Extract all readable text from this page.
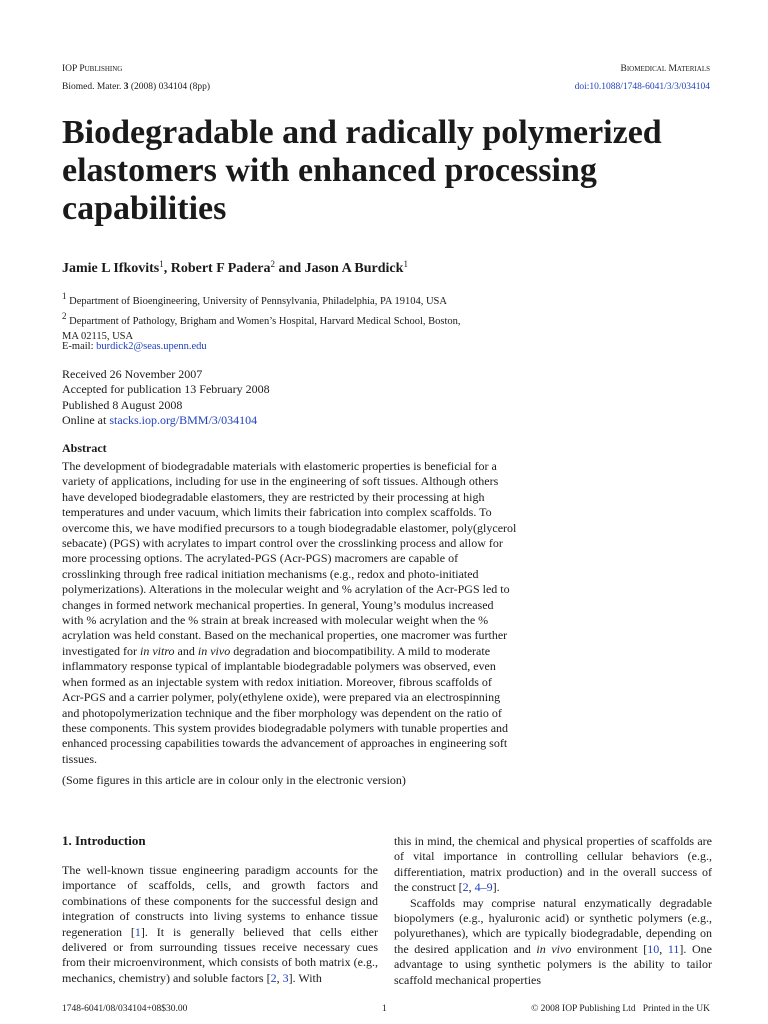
IOP Publishing	Biomedical Materials
Biomed. Mater. 3 (2008) 034104 (8pp)	doi:10.1088/1748-6041/3/3/034104
Biodegradable and radically polymerized elastomers with enhanced processing capabilities
Jamie L Ifkovits$^1$, Robert F Padera$^2$ and Jason A Burdick$^1$
$^1$ Department of Bioengineering, University of Pennsylvania, Philadelphia, PA 19104, USA
$^2$ Department of Pathology, Brigham and Women’s Hospital, Harvard Medical School, Boston,
MA 02115, USA
E-mail: burdick2@seas.upenn.edu
Received 26 November 2007
Accepted for publication 13 February 2008
Published 8 August 2008
Online at stacks.iop.org/BMM/3/034104
Abstract
The development of biodegradable materials with elastomeric properties is beneficial for a
variety of applications, including for use in the engineering of soft tissues. Although others
have developed biodegradable elastomers, they are restricted by their processing at high
temperatures and under vacuum, which limits their fabrication into complex scaffolds. To
overcome this, we have modified precursors to a tough biodegradable elastomer, poly(glycerol
sebacate) (PGS) with acrylates to impart control over the crosslinking process and allow for
more processing options. The acrylated-PGS (Acr-PGS) macromers are capable of
crosslinking through free radical initiation mechanisms (e.g., redox and photo-initiated
polymerizations). Alterations in the molecular weight and % acrylation of the Acr-PGS led to
changes in formed network mechanical properties. In general, Young’s modulus increased
with % acrylation and the % strain at break increased with molecular weight when the %
acrylation was held constant. Based on the mechanical properties, one macromer was further
investigated for in vitro and in vivo degradation and biocompatibility. A mild to moderate
inflammatory response typical of implantable biodegradable polymers was observed, even
when formed as an injectable system with redox initiation. Moreover, fibrous scaffolds of
Acr-PGS and a carrier polymer, poly(ethylene oxide), were prepared via an electrospinning
and photopolymerization technique and the fiber morphology was dependent on the ratio of
these components. This system provides biodegradable polymers with tunable properties and
enhanced processing capabilities towards the advancement of approaches in engineering soft
tissues.
(Some figures in this article are in colour only in the electronic version)
1. Introduction

The well-known tissue engineering paradigm accounts for the importance of scaffolds, cells, and growth factors and combinations of these components for the successful design and integration of constructs into living systems to enhance tissue regeneration [1]. It is generally believed that cells either delivered or from surrounding tissues receive necessary cues from their microenvironment, which consists of both matrix (e.g., mechanics, chemistry) and soluble factors [2, 3]. With

this in mind, the chemical and physical properties of scaffolds are of vital importance in controlling cellular behaviors (e.g., differentiation, matrix production) and in the overall success of the construct [2, 4–9].

Scaffolds may comprise natural enzymatically degradable biopolymers (e.g., hyaluronic acid) or synthetic polymers (e.g., polyurethanes), which are typically biodegradable, depending on the desired application and in vivo environment [10, 11]. One advantage to using synthetic polymers is the ability to tailor scaffold mechanical properties

1748-6041/08/034104+08$30.00	1	© 2008 IOP Publishing Ltd   Printed in the UK
